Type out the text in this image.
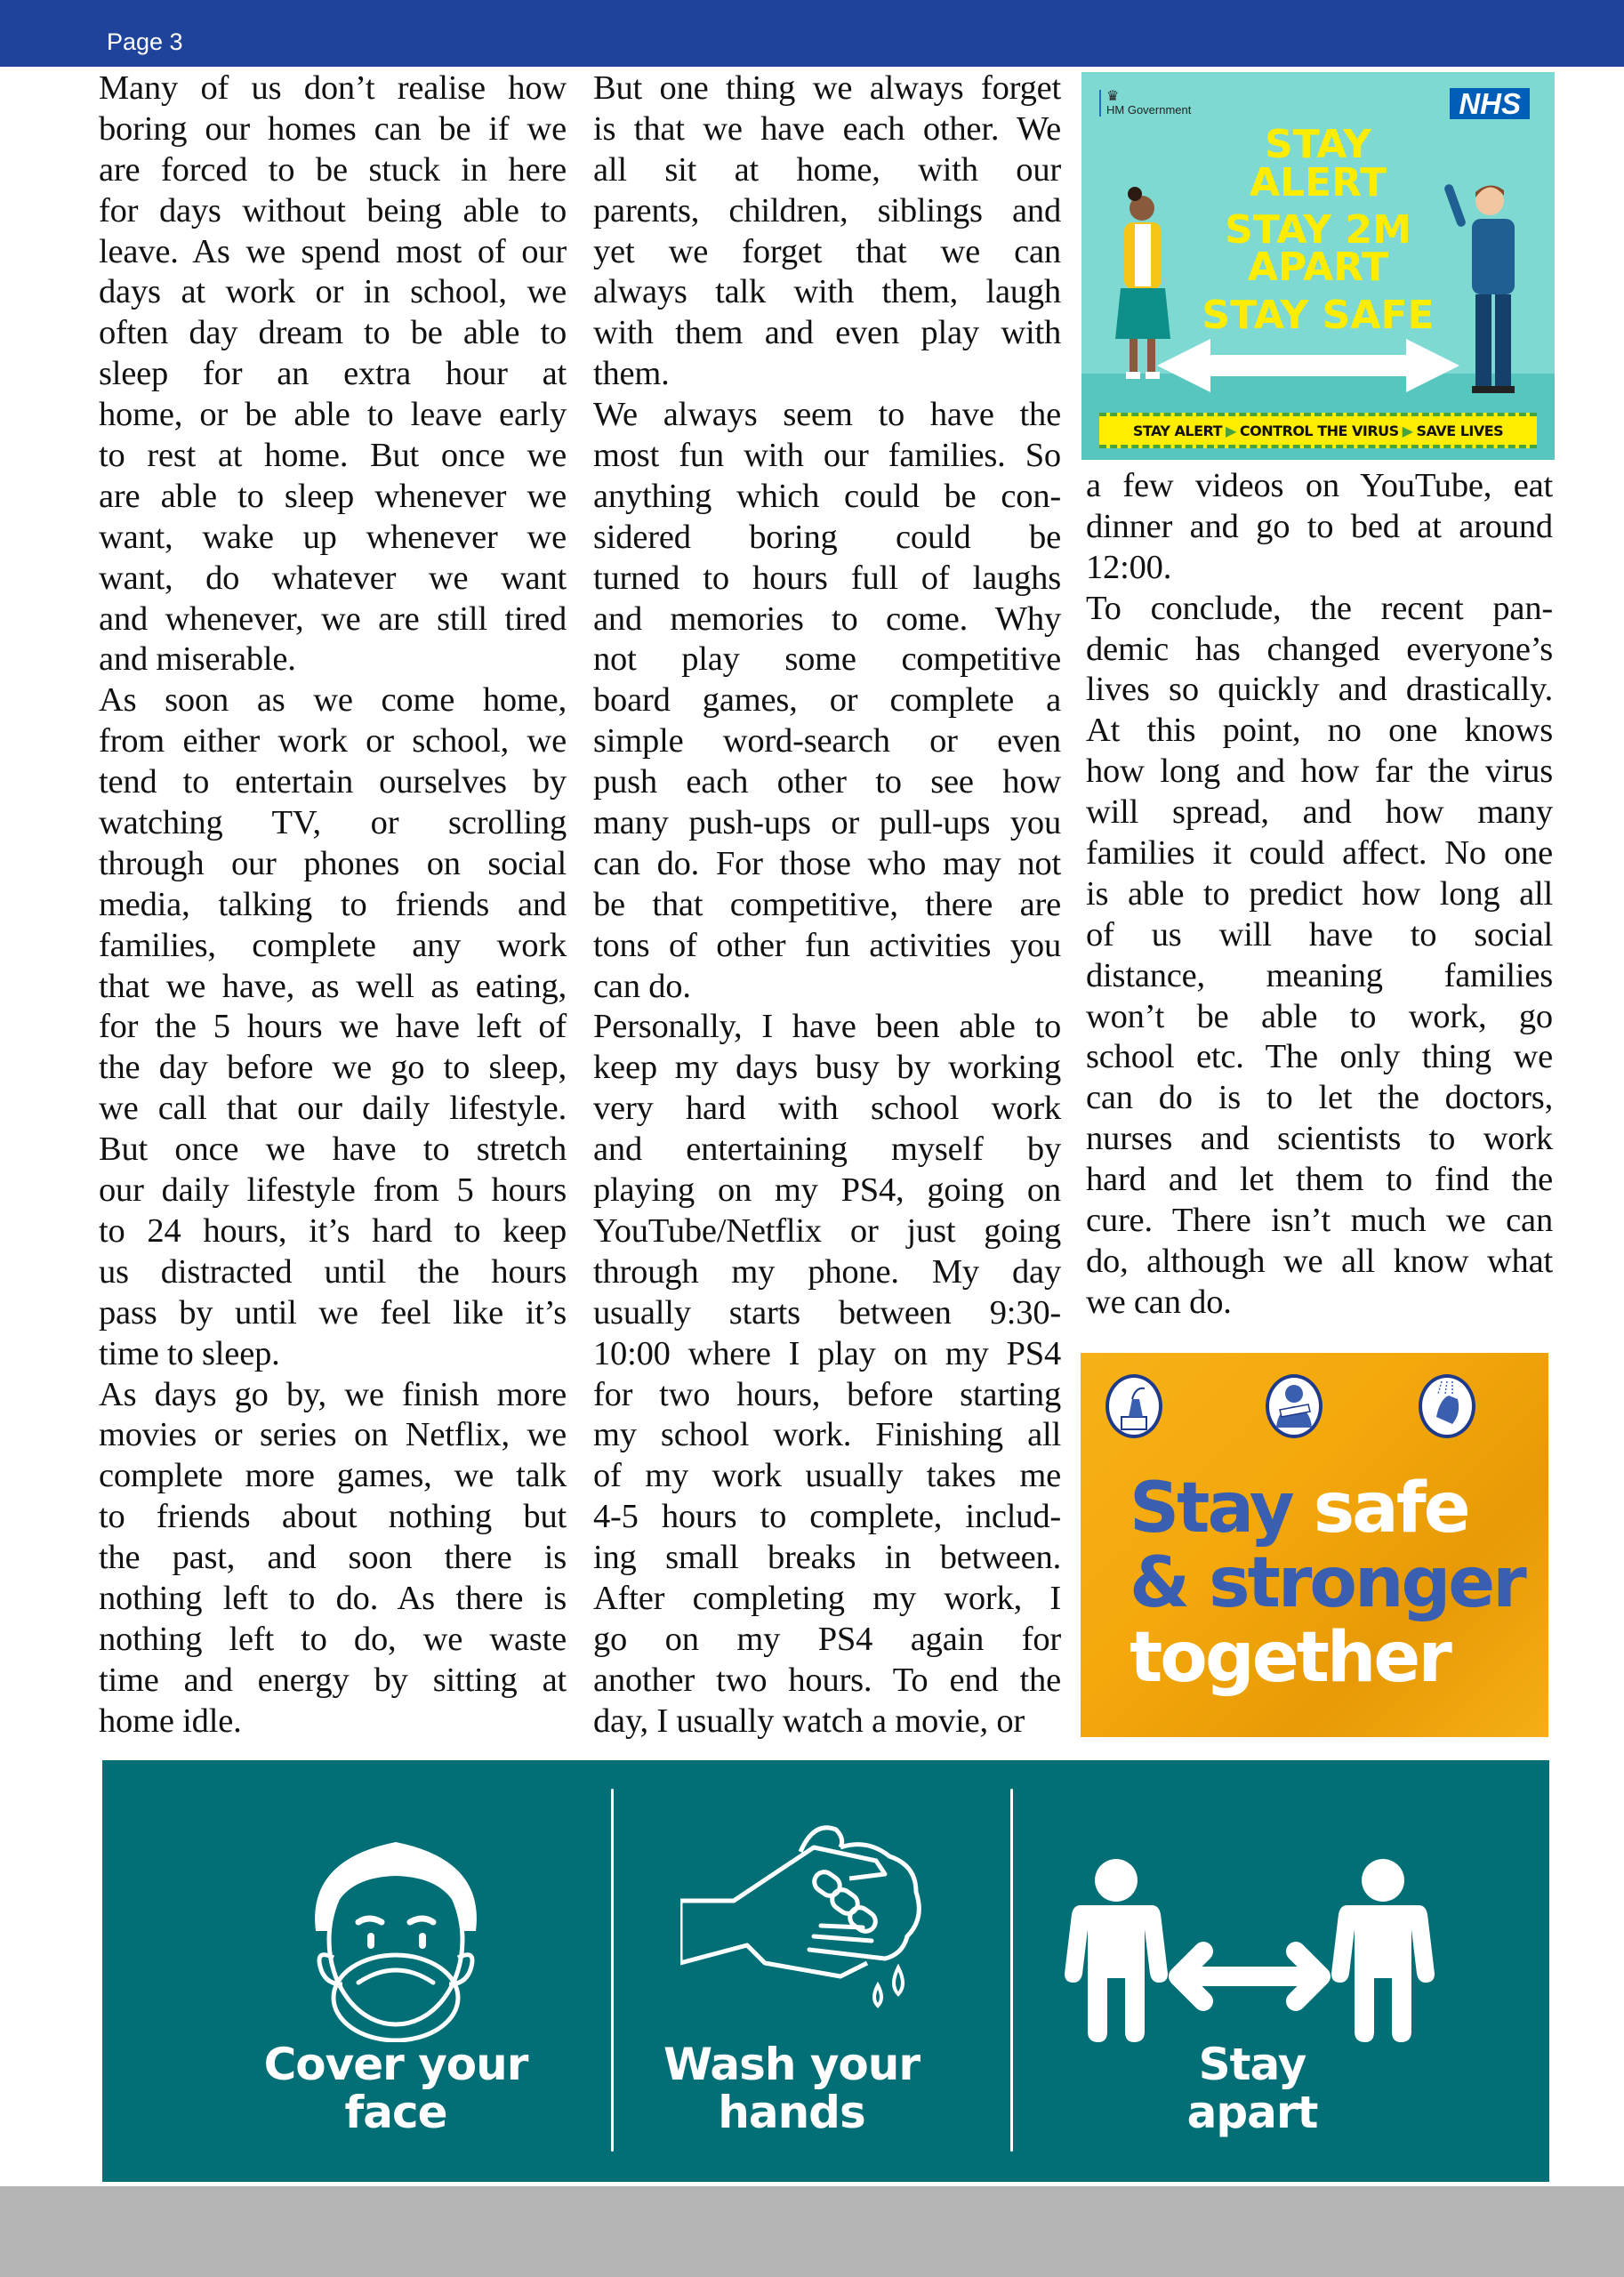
Page 3
Many of us don’t realise how
boring our homes can be if we
are forced to be stuck in here
for days without being able to
leave. As we spend most of our
days at work or in school, we
often day dream to be able to
sleep for an extra hour at
home, or be able to leave early
to rest at home. But once we
are able to sleep whenever we
want, wake up whenever we
want, do whatever we want
and whenever, we are still tired
and miserable.
As soon as we come home,
from either work or school, we
tend to entertain ourselves by
watching TV, or scrolling
through our phones on social
media, talking to friends and
families, complete any work
that we have, as well as eating,
for the 5 hours we have left of
the day before we go to sleep,
we call that our daily lifestyle.
But once we have to stretch
our daily lifestyle from 5 hours
to 24 hours, it’s hard to keep
us distracted until the hours
pass by until we feel like it’s
time to sleep.
As days go by, we finish more
movies or series on Netflix, we
complete more games, we talk
to friends about nothing but
the past, and soon there is
nothing left to do. As there is
nothing left to do, we waste
time and energy by sitting at
home idle.
But one thing we always forget
is that we have each other. We
all sit at home, with our
parents, children, siblings and
yet we forget that we can
always talk with them, laugh
with them and even play with
them.
We always seem to have the
most fun with our families. So
anything which could be con-
sidered boring could be
turned to hours full of laughs
and memories to come. Why
not play some competitive
board games, or complete a
simple word-search or even
push each other to see how
many push-ups or pull-ups you
can do. For those who may not
be that competitive, there are
tons of other fun activities you
can do.
Personally, I have been able to
keep my days busy by working
very hard with school work
and entertaining myself by
playing on my PS4, going on
YouTube/Netflix or just going
through my phone. My day
usually starts between 9:30-
10:00 where I play on my PS4
for two hours, before starting
my school work. Finishing all
of my work usually takes me
4-5 hours to complete, includ-
ing small breaks in between.
After completing my work, I
go on my PS4 again for
another two hours. To end the
day, I usually watch a movie, or
a few videos on YouTube, eat
dinner and go to bed at around
12:00.
To conclude, the recent pan-
demic has changed everyone’s
lives so quickly and drastically.
At this point, no one knows
how long and how far the virus
will spread, and how many
families it could affect. No one
is able to predict how long all
of us will have to social
distance, meaning families
won’t be able to work, go
school etc. The only thing we
can do is to let the doctors,
nurses and scientists to work
hard and let them to find the
cure. There isn’t much we can
do, although we all know what
we can do.
♛
HM Government	NHS
STAY
ALERT
STAY 2M
APART
STAY SAFE
STAY ALERT ▶ CONTROL THE VIRUS ▶ SAVE LIVES
Stay safe
& stronger
together
Cover your
face
Wash your
hands
Stay
apart
